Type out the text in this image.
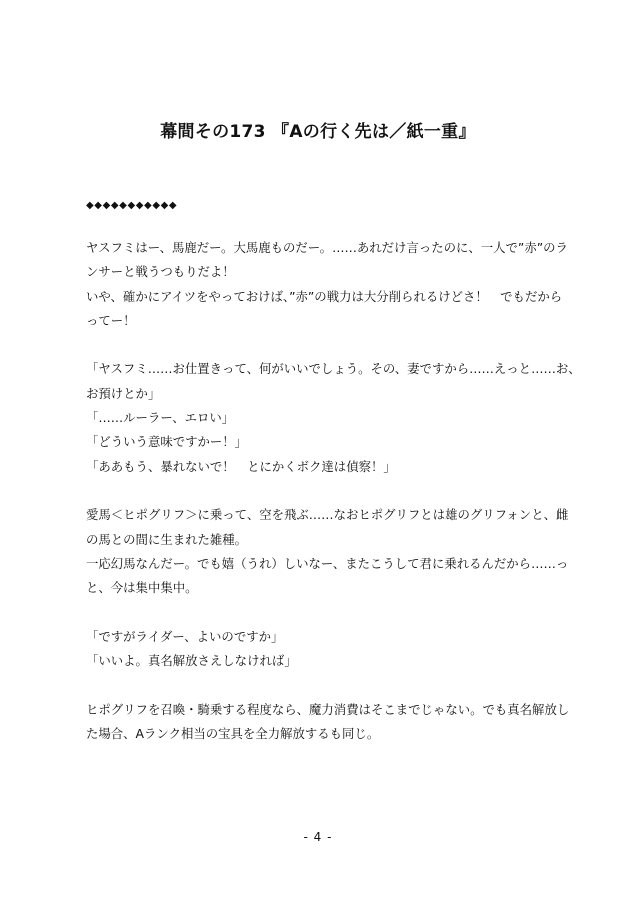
幕間その173 『Aの行く先は／紙一重』
◆◆◆◆◆◆◆◆◆◆◆

ヤスフミはー、馬鹿だー。大馬鹿ものだー。……あれだけ言ったのに、一人で”赤”のラ
ンサーと戦うつもりだよ！
いや、確かにアイツをやっておけば、”赤”の戦力は大分削られるけどさ！　でもだから
ってー！

「ヤスフミ……お仕置きって、何がいいでしょう。その、妻ですから……えっと……お、
お預けとか」
「……ルーラー、エロい」
「どういう意味ですかー！」
「ああもう、暴れないで！　とにかくボク達は偵察！」

愛馬＜ヒポグリフ＞に乗って、空を飛ぶ……なおヒポグリフとは雄のグリフォンと、雌
の馬との間に生まれた雑種。
一応幻馬なんだー。でも嬉（うれ）しいなー、またこうして君に乗れるんだから……っ
と、今は集中集中。

「ですがライダー、よいのですか」
「いいよ。真名解放さえしなければ」

ヒポグリフを召喚・騎乗する程度なら、魔力消費はそこまでじゃない。でも真名解放し
た場合、Aランク相当の宝具を全力解放するも同じ。

- 4 -
